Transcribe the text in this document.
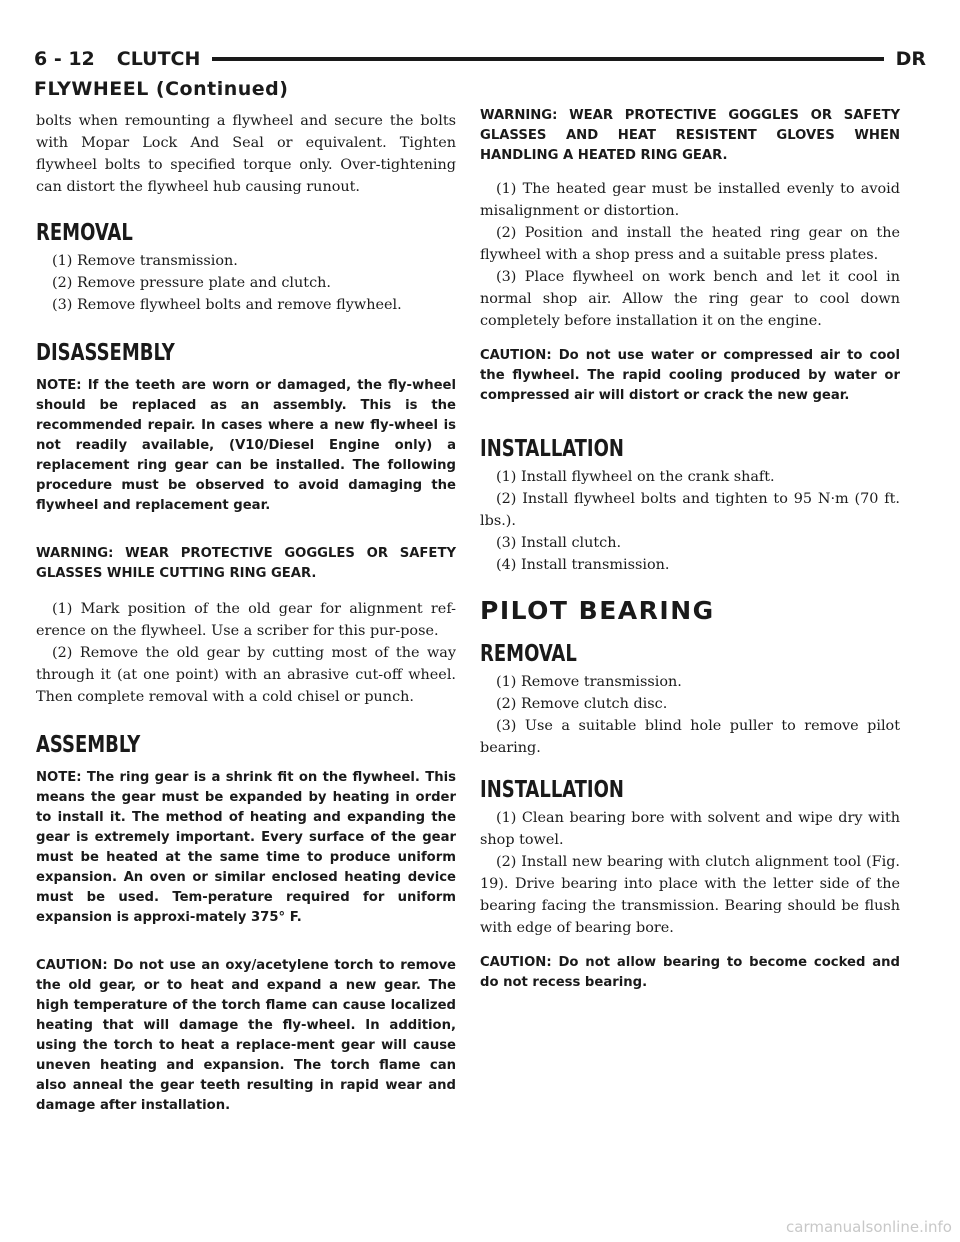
6 - 12 CLUTCH	DR
FLYWHEEL (Continued)

bolts when remounting a flywheel and secure the bolts with Mopar Lock And Seal or equivalent. Tighten flywheel bolts to specified torque only. Over-tightening can distort the flywheel hub causing runout.

REMOVAL

(1) Remove transmission.

(2) Remove pressure plate and clutch.

(3) Remove flywheel bolts and remove flywheel.

DISASSEMBLY

NOTE: If the teeth are worn or damaged, the fly-wheel should be replaced as an assembly. This is the recommended repair. In cases where a new fly-wheel is not readily available, (V10/Diesel Engine only) a replacement ring gear can be installed. The following procedure must be observed to avoid damaging the flywheel and replacement gear.

WARNING: WEAR PROTECTIVE GOGGLES OR SAFETY GLASSES WHILE CUTTING RING GEAR.

(1) Mark position of the old gear for alignment ref-erence on the flywheel. Use a scriber for this pur-pose.

(2) Remove the old gear by cutting most of the way through it (at one point) with an abrasive cut-off wheel. Then complete removal with a cold chisel or punch.

ASSEMBLY

NOTE: The ring gear is a shrink fit on the flywheel. This means the gear must be expanded by heating in order to install it. The method of heating and expanding the gear is extremely important. Every surface of the gear must be heated at the same time to produce uniform expansion. An oven or similar enclosed heating device must be used. Tem-perature required for uniform expansion is approxi-mately 375° F.

CAUTION: Do not use an oxy/acetylene torch to remove the old gear, or to heat and expand a new gear. The high temperature of the torch flame can cause localized heating that will damage the fly-wheel. In addition, using the torch to heat a replace-ment gear will cause uneven heating and expansion. The torch flame can also anneal the gear teeth resulting in rapid wear and damage after installation.

WARNING: WEAR PROTECTIVE GOGGLES OR SAFETY GLASSES AND HEAT RESISTENT GLOVES WHEN HANDLING A HEATED RING GEAR.

(1) The heated gear must be installed evenly to avoid misalignment or distortion.

(2) Position and install the heated ring gear on the flywheel with a shop press and a suitable press plates.

(3) Place flywheel on work bench and let it cool in normal shop air. Allow the ring gear to cool down completely before installation it on the engine.

CAUTION: Do not use water or compressed air to cool the flywheel. The rapid cooling produced by water or compressed air will distort or crack the new gear.

INSTALLATION

(1) Install flywheel on the crank shaft.

(2) Install flywheel bolts and tighten to 95 N·m (70 ft. lbs.).

(3) Install clutch.

(4) Install transmission.

PILOT BEARING
REMOVAL

(1) Remove transmission.

(2) Remove clutch disc.

(3) Use a suitable blind hole puller to remove pilot bearing.

INSTALLATION

(1) Clean bearing bore with solvent and wipe dry with shop towel.

(2) Install new bearing with clutch alignment tool (Fig. 19). Drive bearing into place with the letter side of the bearing facing the transmission. Bearing should be flush with edge of bearing bore.

CAUTION: Do not allow bearing to become cocked and do not recess bearing.

carmanualsonline.info
